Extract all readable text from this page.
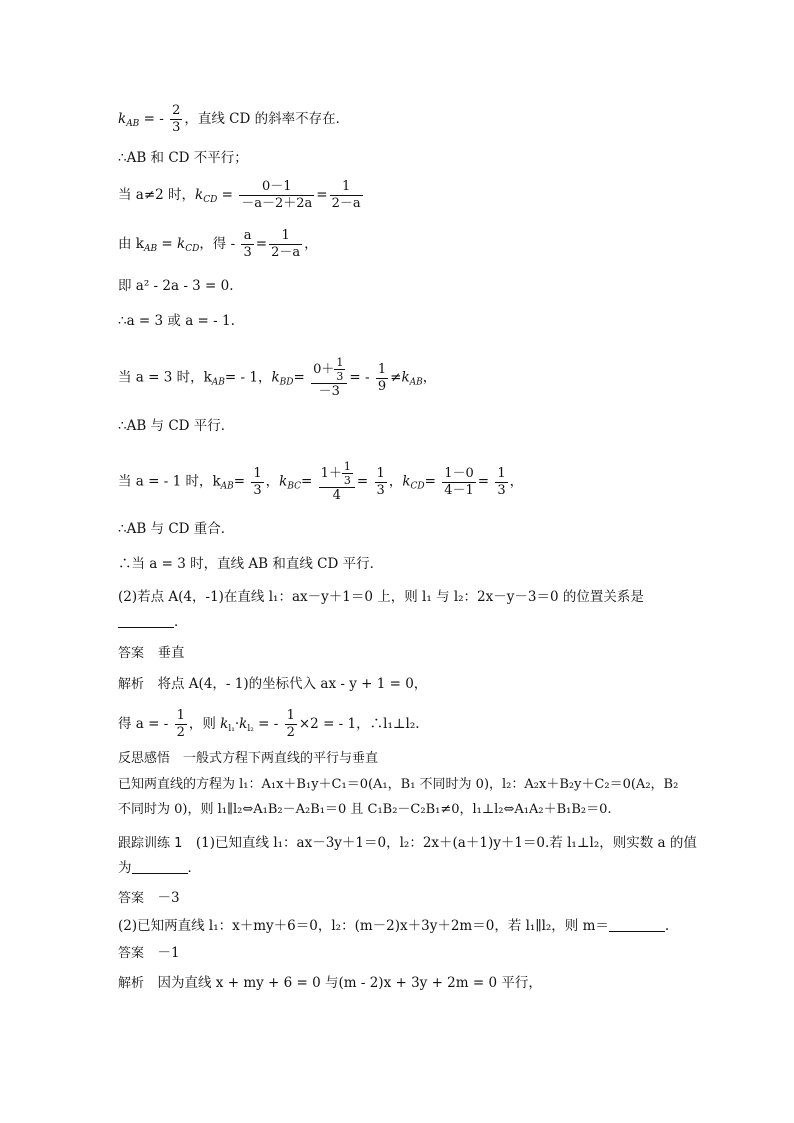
$k_{AB}$ = - $\frac{2}{3}$ ，直线 CD 的斜率不存在．
∴AB 和 CD 不平行；
当 a≠2 时，$k_{CD} = \frac{0-1}{-a-2+2a} = \frac{1}{2-a}$
由 $k_{AB} = k_{CD}$，得 - $\frac{a}{3} = \frac{1}{2-a}$ ，
即 a² - 2a - 3 = 0.
∴a = 3 或 a = - 1.
当 a = 3 时，$k_{AB}= - 1$，$k_{BD}= \frac{0+ \frac{1}{3}}{-3}$ = - $\frac{1}{9} \ne k_{AB}$，
∴AB 与 CD 平行．
当 a = - 1 时，$k_{AB}= \frac{1}{3}$ ，$k_{BC}= \frac{1+ \frac{1}{3}}{4} = \frac{1}{3}$ ，$k_{CD}= \frac{1-0}{4-1} = \frac{1}{3}$ ，
∴AB 与 CD 重合．
∴当 a = 3 时，直线 AB 和直线 CD 平行．
(2)若点 A(4，-1)在直线 l₁：ax－y＋1＝0 上，则 l₁ 与 l₂：2x－y－3＝0 的位置关系是
．
答案　 垂直
解析　 将点 A(4，- 1)的坐标代入 ax - y + 1 = 0，
得 a = - $\frac{1}{2}$ ，则 $k_{l_1}\cdot k_{l_2}$ = - $\frac{1}{2} \times 2$ = - 1，∴l₁⊥l₂.
反思感悟　一般式方程下两直线的平行与垂直
已知两直线的方程为 l₁：A₁x＋B₁y＋C₁＝0(A₁，B₁ 不同时为 0)，l₂：A₂x＋B₂y＋C₂＝0(A₂，B₂
不同时为 0)，则 l₁∥l₂⇔A₁B₂－A₂B₁＝0 且 C₁B₂－C₂B₁≠0，l₁⊥l₂⇔A₁A₂＋B₁B₂＝0.
跟踪训练 1　 (1)已知直线 l₁：ax－3y＋1＝0，l₂：2x＋(a＋1)y＋1＝0.若 l₁⊥l₂，则实数 a 的值
为	．
答案　 －3
(2)已知两直线 l₁：x＋my＋6＝0，l₂：(m－2)x＋3y＋2m＝0，若 l₁∥l₂，则 m＝	.
答案　 －1
解析　 因为直线 x + my + 6 = 0 与(m - 2)x + 3y + 2m = 0 平行，
